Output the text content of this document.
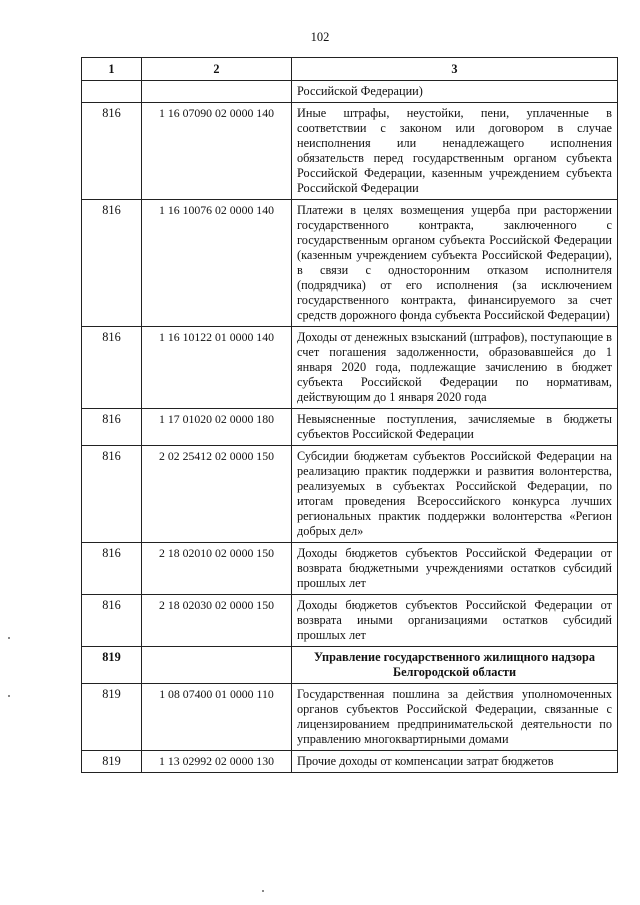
102
1	2	3
		Российской Федерации)
816	1 16 07090 02 0000 140	Иные штрафы, неустойки, пени, уплаченные в соответствии с законом или договором в случае неисполнения или ненадлежащего исполнения обязательств перед государственным органом субъекта Российской Федерации, казенным учреждением субъекта Российской Федерации
816	1 16 10076 02 0000 140	Платежи в целях возмещения ущерба при расторжении государственного контракта, заключенного с государственным органом субъекта Российской Федерации (казенным учреждением субъекта Российской Федерации), в связи с односторонним отказом исполнителя (подрядчика) от его исполнения (за исключением государственного контракта, финансируемого за счет средств дорожного фонда субъекта Российской Федерации)
816	1 16 10122 01 0000 140	Доходы от денежных взысканий (штрафов), поступающие в счет погашения задолженности, образовавшейся до 1 января 2020 года, подлежащие зачислению в бюджет субъекта Российской Федерации по нормативам, действующим до 1 января 2020 года
816	1 17 01020 02 0000 180	Невыясненные поступления, зачисляемые в бюджеты субъектов Российской Федерации
816	2 02 25412 02 0000 150	Субсидии бюджетам субъектов Российской Федерации на реализацию практик поддержки и развития волонтерства, реализуемых в субъектах Российской Федерации, по итогам проведения Всероссийского конкурса лучших региональных практик поддержки волонтерства «Регион добрых дел»
816	2 18 02010 02 0000 150	Доходы бюджетов субъектов Российской Федерации от возврата бюджетными учреждениями остатков субсидий прошлых лет
816	2 18 02030 02 0000 150	Доходы бюджетов субъектов Российской Федерации от возврата иными организациями остатков субсидий прошлых лет
819		Управление государственного жилищного надзора Белгородской области
819	1 08 07400 01 0000 110	Государственная пошлина за действия уполномоченных органов субъектов Российской Федерации, связанные с лицензированием предпринимательской деятельности по управлению многоквартирными домами
819	1 13 02992 02 0000 130	Прочие доходы от компенсации затрат бюджетов
